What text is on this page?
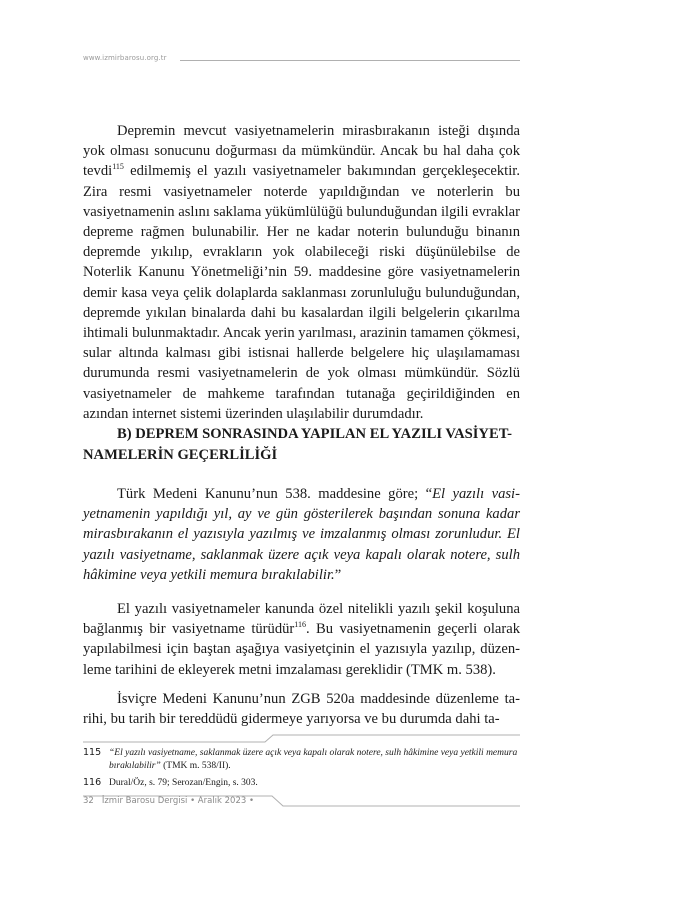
www.izmirbarosu.org.tr

Depremin mevcut vasiyetnamelerin mirasbırakanın isteği dışında yok olması sonucunu doğurması da mümkündür. Ancak bu hal daha çok tevdi$^{115}$ edilmemiş el yazılı vasiyetnameler bakımından gerçekleşecektir. Zira resmi vasiyetnameler noterde yapıldığından ve noterlerin bu vasiyetnamenin aslını saklama yükümlülüğü bulunduğundan ilgili evraklar depreme rağmen bulunabilir. Her ne kadar noterin bulunduğu binanın depremde yıkılıp, evrakların yok olabileceği riski düşünülebilse de Noterlik Kanunu Yönetmeliği’nin 59. maddesine göre vasiyetnamelerin demir kasa veya çelik dolaplarda saklanması zorunluluğu bulunduğundan, depremde yıkılan binalarda dahi bu kasalardan ilgili belgelerin çıkarılma ihtimali bulunmaktadır. Ancak yerin yarılması, arazinin tamamen çökmesi, sular altında kalması gibi istisnai hallerde belgelere hiç ulaşılamaması durumunda resmi vasiyetnamelerin de yok olması mümkündür. Sözlü vasiyetnameler de mahkeme tarafından tutanağa geçirildiğinden en azından internet sistemi üzerinden ulaşılabilir durumdadır.

B) DEPREM SONRASINDA YAPILAN EL YAZILI VASİYET-NAMELERİN GEÇERLİLİĞİ

Türk Medeni Kanunu’nun 538. maddesine göre; “El yazılı vasiyetnamenin yapıldığı yıl, ay ve gün gösterilerek başından sonuna kadar mirasbırakanın el yazısıyla yazılmış ve imzalanmış olması zorunludur. El yazılı vasiyetname, saklanmak üzere açık veya kapalı olarak notere, sulh hâkimine veya yetkili memura bırakılabilir.”

El yazılı vasiyetnameler kanunda özel nitelikli yazılı şekil koşuluna bağlanmış bir vasiyetname türüdür$^{116}$. Bu vasiyetnamenin geçerli olarak yapılabilmesi için baştan aşağıya vasiyetçinin el yazısıyla yazılıp, düzenleme tarihini de ekleyerek metni imzalaması gereklidir (TMK m. 538).

İsviçre Medeni Kanunu’nun ZGB 520a maddesinde düzenleme tarihi, bu tarih bir tereddüdü gidermeye yarıyorsa ve bu durumda dahi ta-

115 “El yazılı vasiyetname, saklanmak üzere açık veya kapalı olarak notere, sulh hâkimine veya yetkili memura bırakılabilir” (TMK m. 538/II).
116 Dural/Öz, s. 79; Serozan/Engin, s. 303.
32 İzmir Barosu Dergisi • Aralık 2023 •
